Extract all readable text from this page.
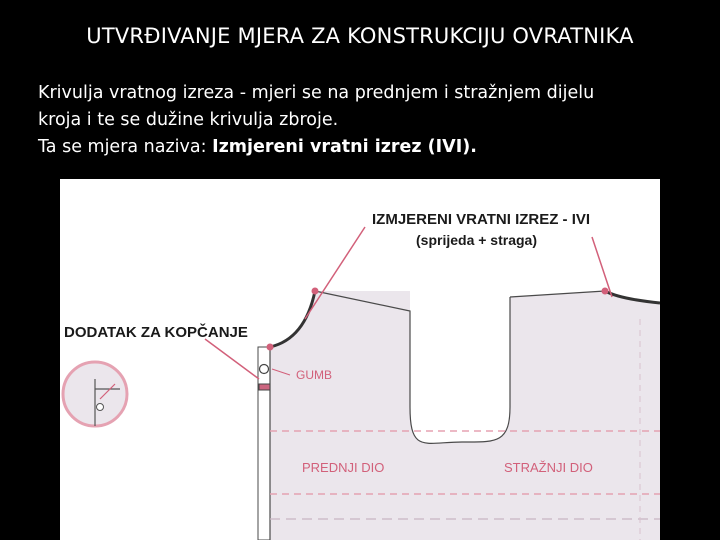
UTVRĐIVANJE MJERA ZA KONSTRUKCIJU OVRATNIKA
Krivulja vratnog izreza - mjeri se na prednjem i stražnjem dijelu
kroja i te se dužine krivulja zbroje.
Ta se mjera naziva: Izmjereni vratni izrez (IVI).
IZMJERENI VRATNI IZREZ - IVI
(sprijeda + straga)
DODATAK ZA KOPČANJE
GUMB
PREDNJI DIO	STRAŽNJI DIO
